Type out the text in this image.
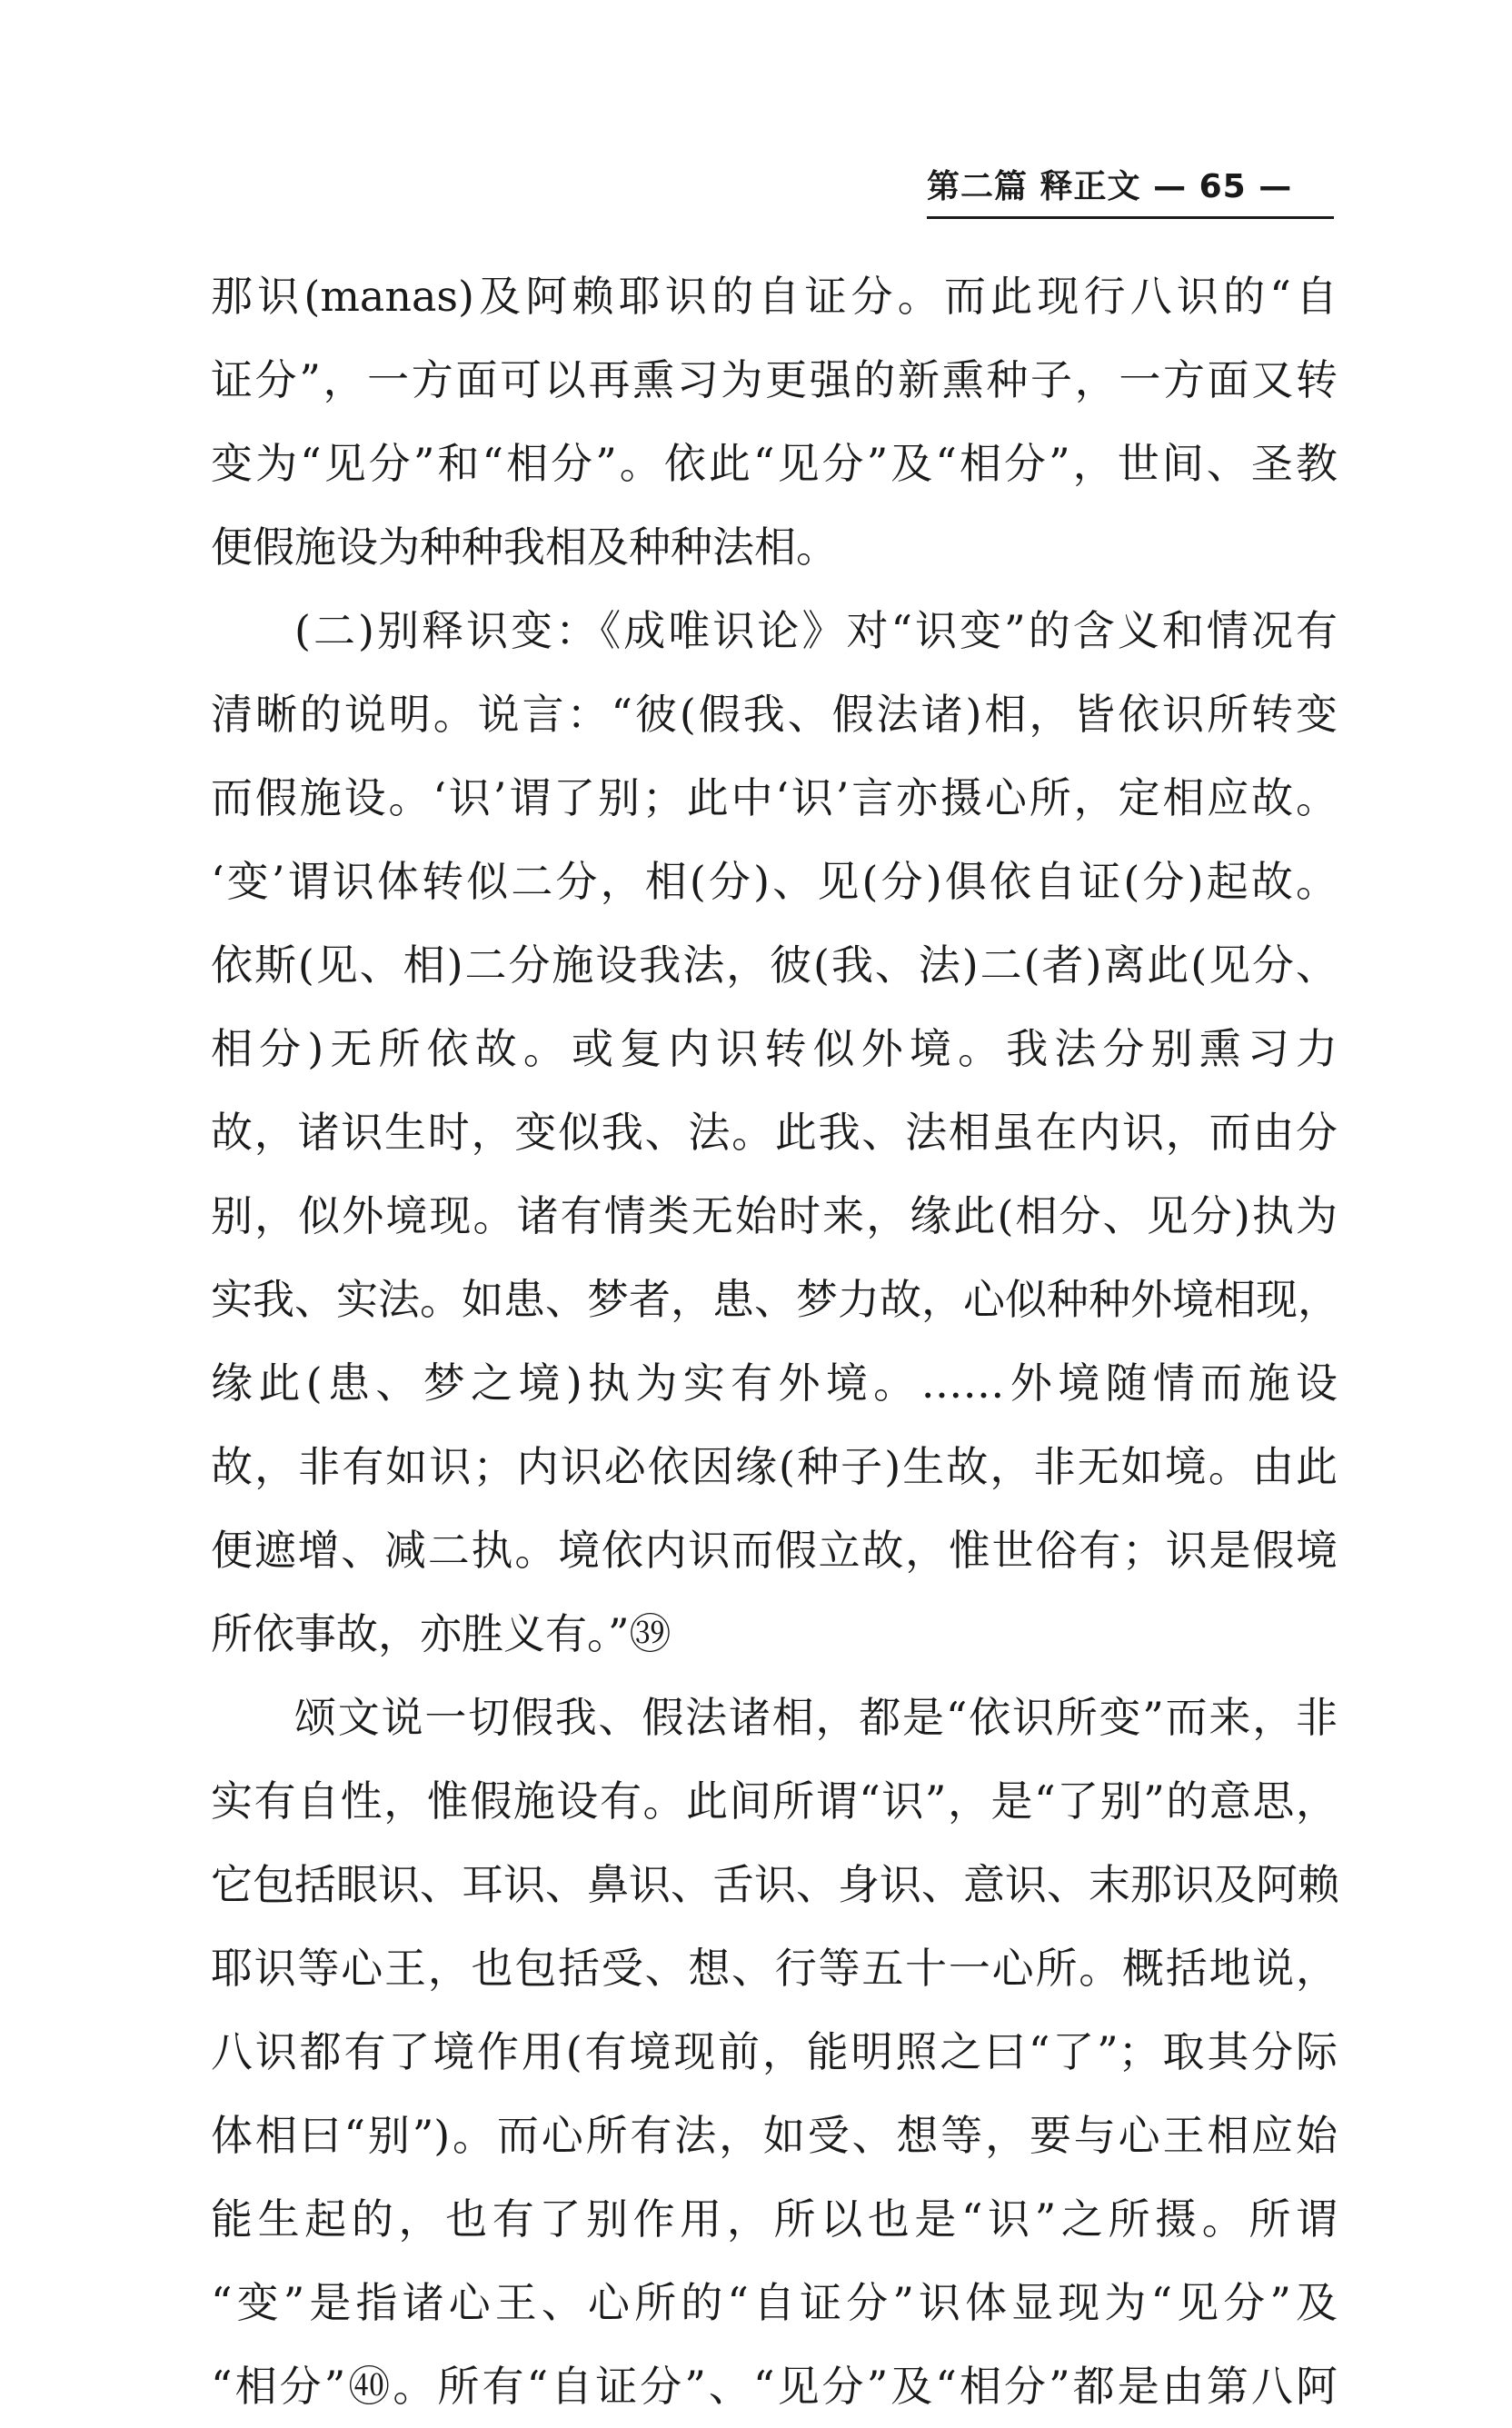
第二篇 释正文 — 65 —
那识(manas)及阿赖耶识的自证分。而此现行八识的“自
证分”，一方面可以再熏习为更强的新熏种子，一方面又转
变为“见分”和“相分”。依此“见分”及“相分”，世间、圣教
便假施设为种种我相及种种法相。
(二)别释识变：《成唯识论》对“识变”的含义和情况有
清晰的说明。说言：“彼(假我、假法诸)相，皆依识所转变
而假施设。‘识’谓了别；此中‘识’言亦摄心所，定相应故。
‘变’谓识体转似二分，相(分)、见(分)俱依自证(分)起故。
依斯(见、相)二分施设我法，彼(我、法)二(者)离此(见分、
相分)无所依故。或复内识转似外境。我法分别熏习力
故，诸识生时，变似我、法。此我、法相虽在内识，而由分
别，似外境现。诸有情类无始时来，缘此(相分、见分)执为
实我、实法。如患、梦者，患、梦力故，心似种种外境相现，
缘此(患、梦之境)执为实有外境。……外境随情而施设
故，非有如识；内识必依因缘(种子)生故，非无如境。由此
便遮增、减二执。境依内识而假立故，惟世俗有；识是假境
所依事故，亦胜义有。”㊴
颂文说一切假我、假法诸相，都是“依识所变”而来，非
实有自性，惟假施设有。此间所谓“识”，是“了别”的意思，
它包括眼识、耳识、鼻识、舌识、身识、意识、末那识及阿赖
耶识等心王，也包括受、想、行等五十一心所。概括地说，
八识都有了境作用(有境现前，能明照之曰“了”；取其分际
体相曰“别”)。而心所有法，如受、想等，要与心王相应始
能生起的，也有了别作用，所以也是“识”之所摄。所谓
“变”是指诸心王、心所的“自证分”识体显现为“见分”及
“相分”㊵。所有“自证分”、“见分”及“相分”都是由第八阿
